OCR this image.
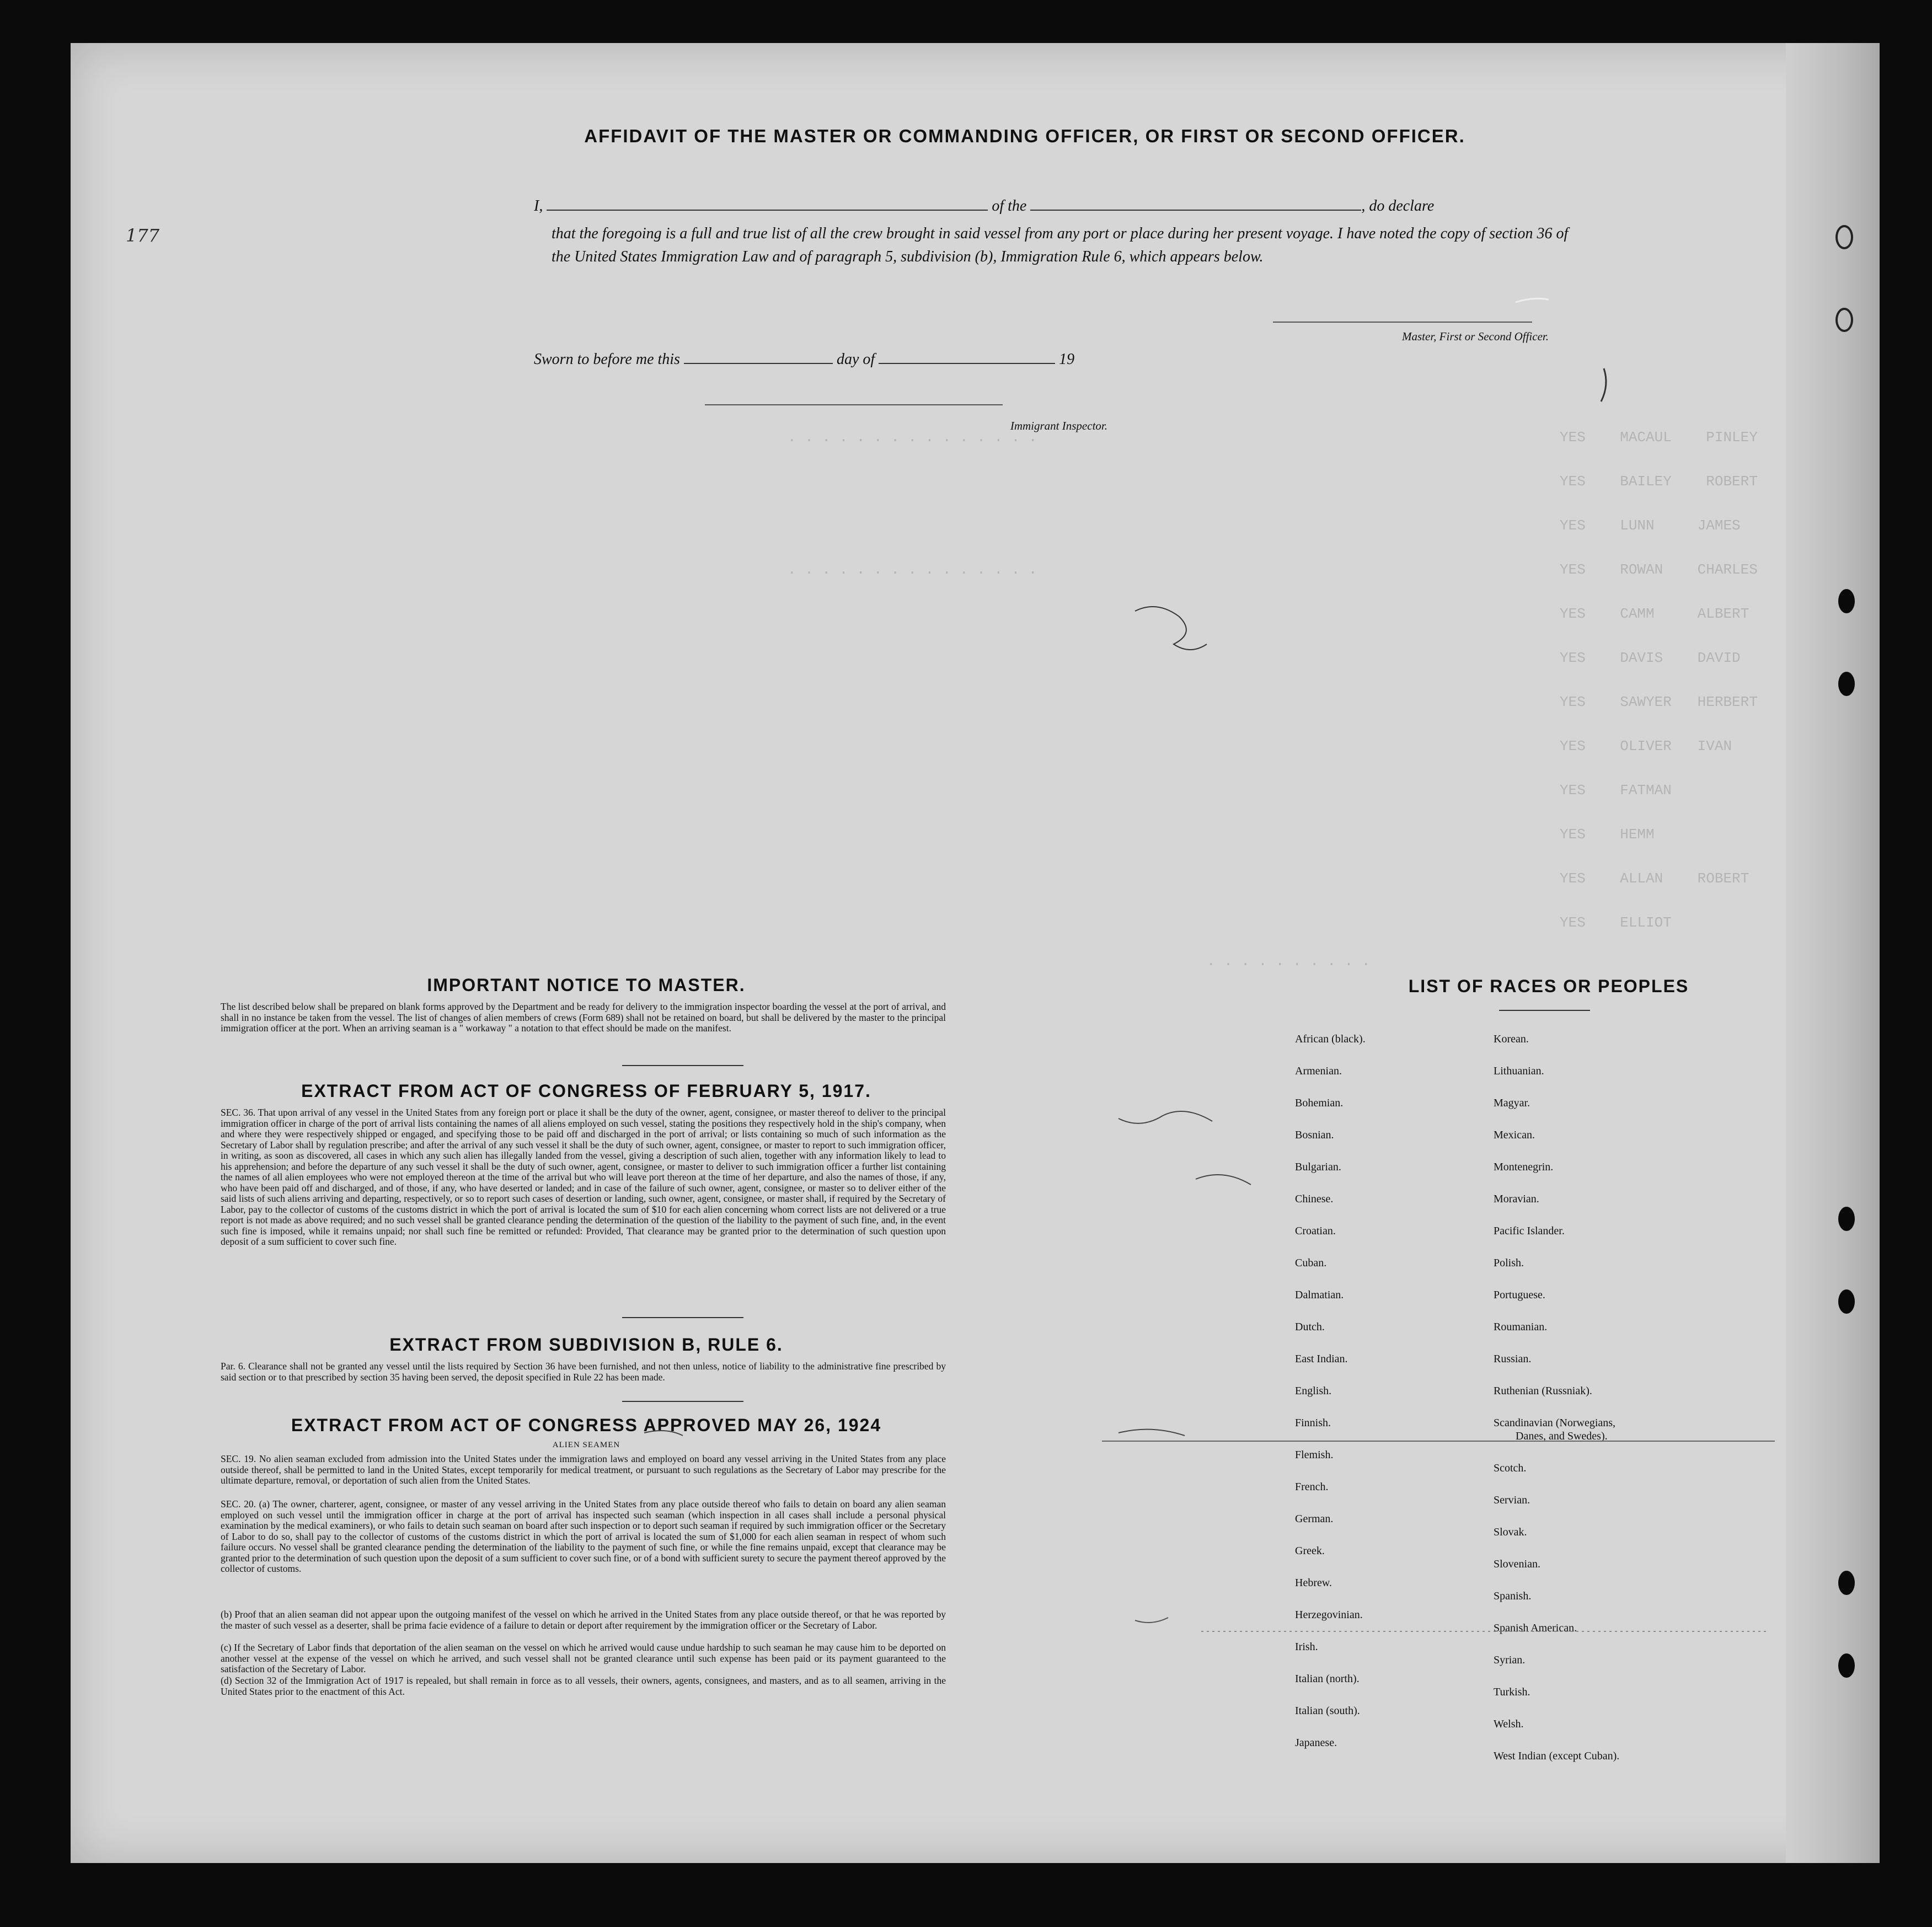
YES    MACAUL    PINLEY
YES    BAILEY    ROBERT
YES    LUNN     JAMES
YES    ROWAN    CHARLES
YES    CAMM     ALBERT
YES    DAVIS    DAVID
YES    SAWYER   HERBERT
YES    OLIVER   IVAN
YES    FATMAN
YES    HEMM
YES    ALLAN    ROBERT
YES    ELLIOT
. . . . . . . . . .
. . . . . . . . . . . . . . .
. . . . . . . . . . . . . . .
AFFIDAVIT OF THE MASTER OR COMMANDING OFFICER, OR FIRST OR SECOND OFFICER.
I,	of the	, do declare
that the foregoing is a full and true list of all the crew brought in said vessel from any port or place during her present voyage. I have noted the copy of section 36 of the United States Immigration Law and of paragraph 5, subdivision (b), Immigration Rule 6, which appears below.
Master, First or Second Officer.
Sworn to before me this	day of	19
Immigrant Inspector.
IMPORTANT NOTICE TO MASTER.
The list described below shall be prepared on blank forms approved by the Department and be ready for delivery to the immigration inspector boarding the vessel at the port of arrival, and shall in no instance be taken from the vessel. The list of changes of alien members of crews (Form 689) shall not be retained on board, but shall be delivered by the master to the principal immigration officer at the port. When an arriving seaman is a " workaway " a notation to that effect should be made on the manifest.
EXTRACT FROM ACT OF CONGRESS OF FEBRUARY 5, 1917.
SEC. 36. That upon arrival of any vessel in the United States from any foreign port or place it shall be the duty of the owner, agent, consignee, or master thereof to deliver to the principal immigration officer in charge of the port of arrival lists containing the names of all aliens employed on such vessel, stating the positions they respectively hold in the ship's company, when and where they were respectively shipped or engaged, and specifying those to be paid off and discharged in the port of arrival; or lists containing so much of such information as the Secretary of Labor shall by regulation prescribe; and after the arrival of any such vessel it shall be the duty of such owner, agent, consignee, or master to report to such immigration officer, in writing, as soon as discovered, all cases in which any such alien has illegally landed from the vessel, giving a description of such alien, together with any information likely to lead to his apprehension; and before the departure of any such vessel it shall be the duty of such owner, agent, consignee, or master to deliver to such immigration officer a further list containing the names of all alien employees who were not employed thereon at the time of the arrival but who will leave port thereon at the time of her departure, and also the names of those, if any, who have been paid off and discharged, and of those, if any, who have deserted or landed; and in case of the failure of such owner, agent, consignee, or master so to deliver either of the said lists of such aliens arriving and departing, respectively, or so to report such cases of desertion or landing, such owner, agent, consignee, or master shall, if required by the Secretary of Labor, pay to the collector of customs of the customs district in which the port of arrival is located the sum of $10 for each alien concerning whom correct lists are not delivered or a true report is not made as above required; and no such vessel shall be granted clearance pending the determination of the question of the liability to the payment of such fine, and, in the event such fine is imposed, while it remains unpaid; nor shall such fine be remitted or refunded: Provided, That clearance may be granted prior to the determination of such question upon deposit of a sum sufficient to cover such fine.
EXTRACT FROM SUBDIVISION B, RULE 6.
Par. 6. Clearance shall not be granted any vessel until the lists required by Section 36 have been furnished, and not then unless, notice of liability to the administrative fine prescribed by said section or to that prescribed by section 35 having been served, the deposit specified in Rule 22 has been made.
EXTRACT FROM ACT OF CONGRESS APPROVED MAY 26, 1924
ALIEN SEAMEN
SEC. 19. No alien seaman excluded from admission into the United States under the immigration laws and employed on board any vessel arriving in the United States from any place outside thereof, shall be permitted to land in the United States, except temporarily for medical treatment, or pursuant to such regulations as the Secretary of Labor may prescribe for the ultimate departure, removal, or deportation of such alien from the United States.
SEC. 20. (a) The owner, charterer, agent, consignee, or master of any vessel arriving in the United States from any place outside thereof who fails to detain on board any alien seaman employed on such vessel until the immigration officer in charge at the port of arrival has inspected such seaman (which inspection in all cases shall include a personal physical examination by the medical examiners), or who fails to detain such seaman on board after such inspection or to deport such seaman if required by such immigration officer or the Secretary of Labor to do so, shall pay to the collector of customs of the customs district in which the port of arrival is located the sum of $1,000 for each alien seaman in respect of whom such failure occurs. No vessel shall be granted clearance pending the determination of the liability to the payment of such fine, or while the fine remains unpaid, except that clearance may be granted prior to the determination of such question upon the deposit of a sum sufficient to cover such fine, or of a bond with sufficient surety to secure the payment thereof approved by the collector of customs.
(b) Proof that an alien seaman did not appear upon the outgoing manifest of the vessel on which he arrived in the United States from any place outside thereof, or that he was reported by the master of such vessel as a deserter, shall be prima facie evidence of a failure to detain or deport after requirement by the immigration officer or the Secretary of Labor.
(c) If the Secretary of Labor finds that deportation of the alien seaman on the vessel on which he arrived would cause undue hardship to such seaman he may cause him to be deported on another vessel at the expense of the vessel on which he arrived, and such vessel shall not be granted clearance until such expense has been paid or its payment guaranteed to the satisfaction of the Secretary of Labor.
(d) Section 32 of the Immigration Act of 1917 is repealed, but shall remain in force as to all vessels, their owners, agents, consignees, and masters, and as to all seamen, arriving in the United States prior to the enactment of this Act.
LIST OF RACES OR PEOPLES
African (black).
Armenian.
Bohemian.
Bosnian.
Bulgarian.
Chinese.
Croatian.
Cuban.
Dalmatian.
Dutch.
East Indian.
English.
Finnish.
Flemish.
French.
German.
Greek.
Hebrew.
Herzegovinian.
Irish.
Italian (north).
Italian (south).
Japanese.
Korean.
Lithuanian.
Magyar.
Mexican.
Montenegrin.
Moravian.
Pacific Islander.
Polish.
Portuguese.
Roumanian.
Russian.
Ruthenian (Russniak).
Scandinavian (Norwegians,
Danes, and Swedes).
Scotch.
Servian.
Slovak.
Slovenian.
Spanish.
Spanish American.
Syrian.
Turkish.
Welsh.
West Indian (except Cuban).
177
